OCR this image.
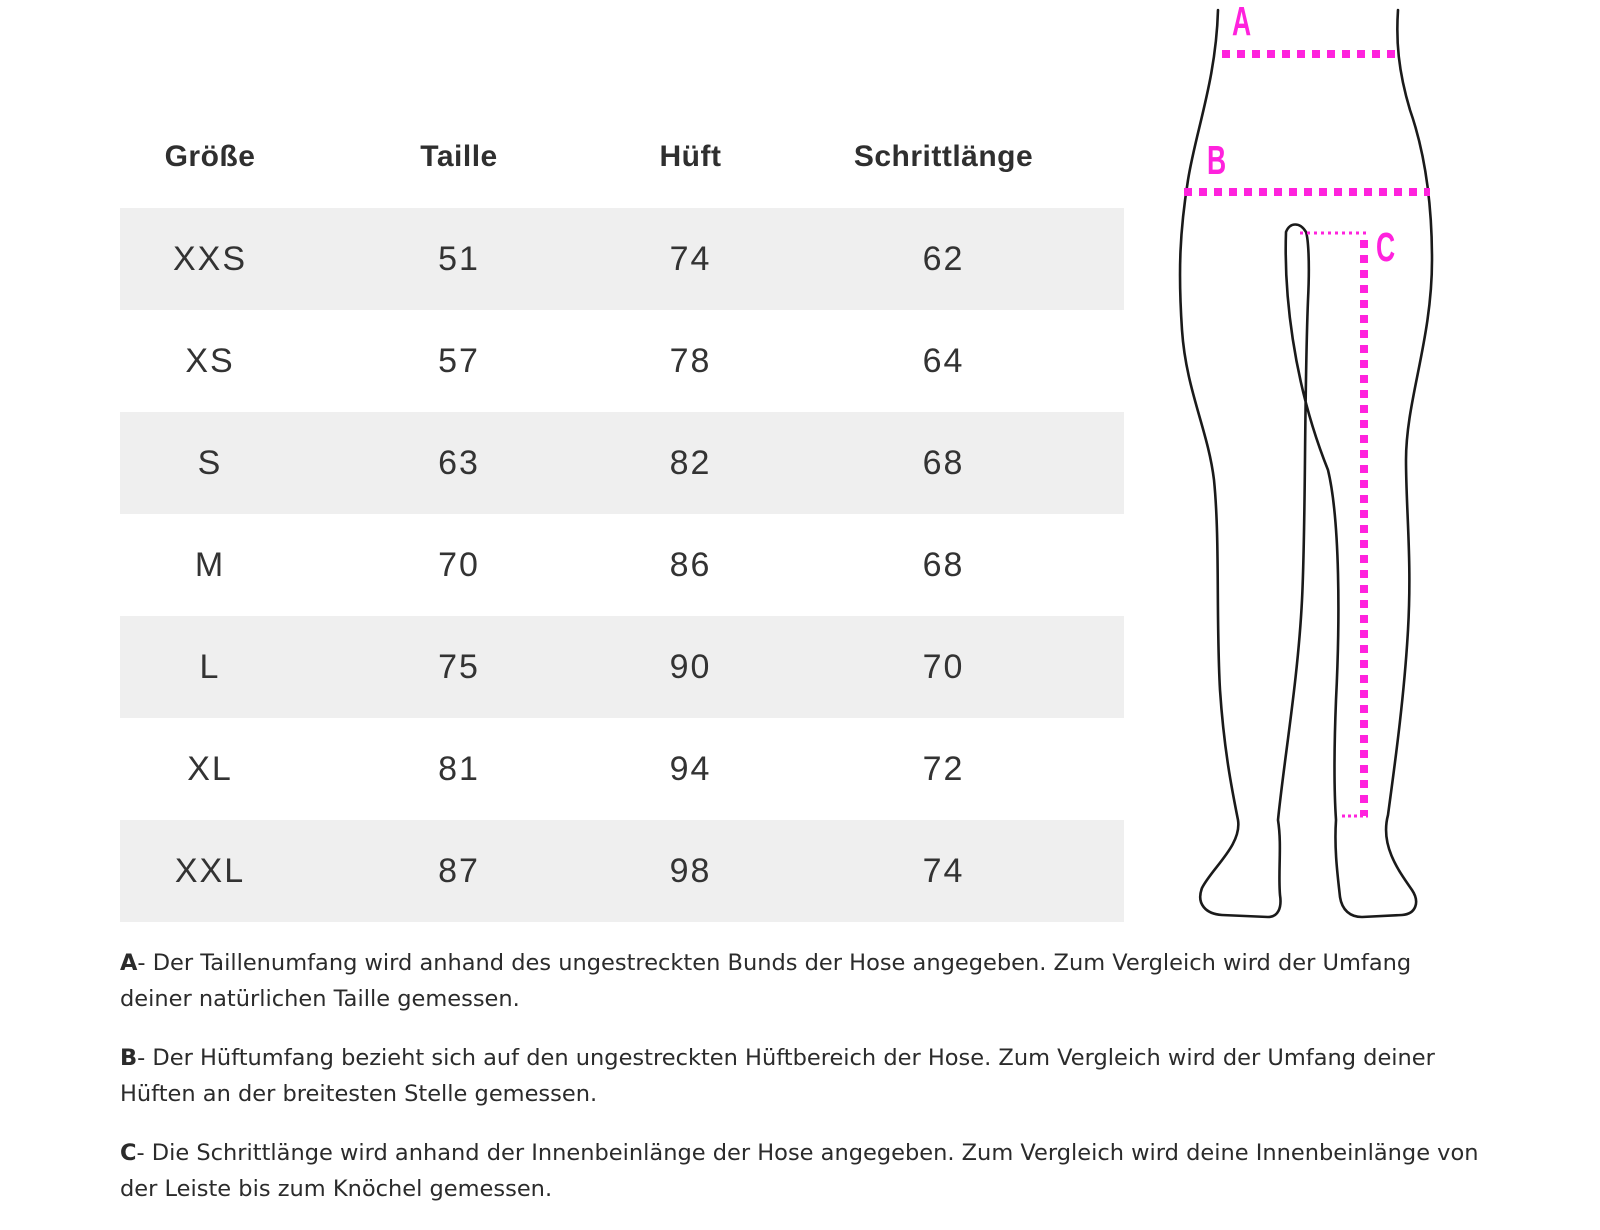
Größe	Taille	Hüft	Schrittlänge
XXS	51	74	62
XS	57	78	64
S	63	82	68
M	70	86	68
L	75	90	70
XL	81	94	72
XXL	87	98	74
A
B
C

A- Der Taillenumfang wird anhand des ungestreckten Bunds der Hose angegeben. Zum Vergleich wird der Umfang deiner natürlichen Taille gemessen.

B- Der Hüftumfang bezieht sich auf den ungestreckten Hüftbereich der Hose. Zum Vergleich wird der Umfang deiner Hüften an der breitesten Stelle gemessen.

C- Die Schrittlänge wird anhand der Innenbeinlänge der Hose angegeben. Zum Vergleich wird deine Innenbeinlänge von der Leiste bis zum Knöchel gemessen.
